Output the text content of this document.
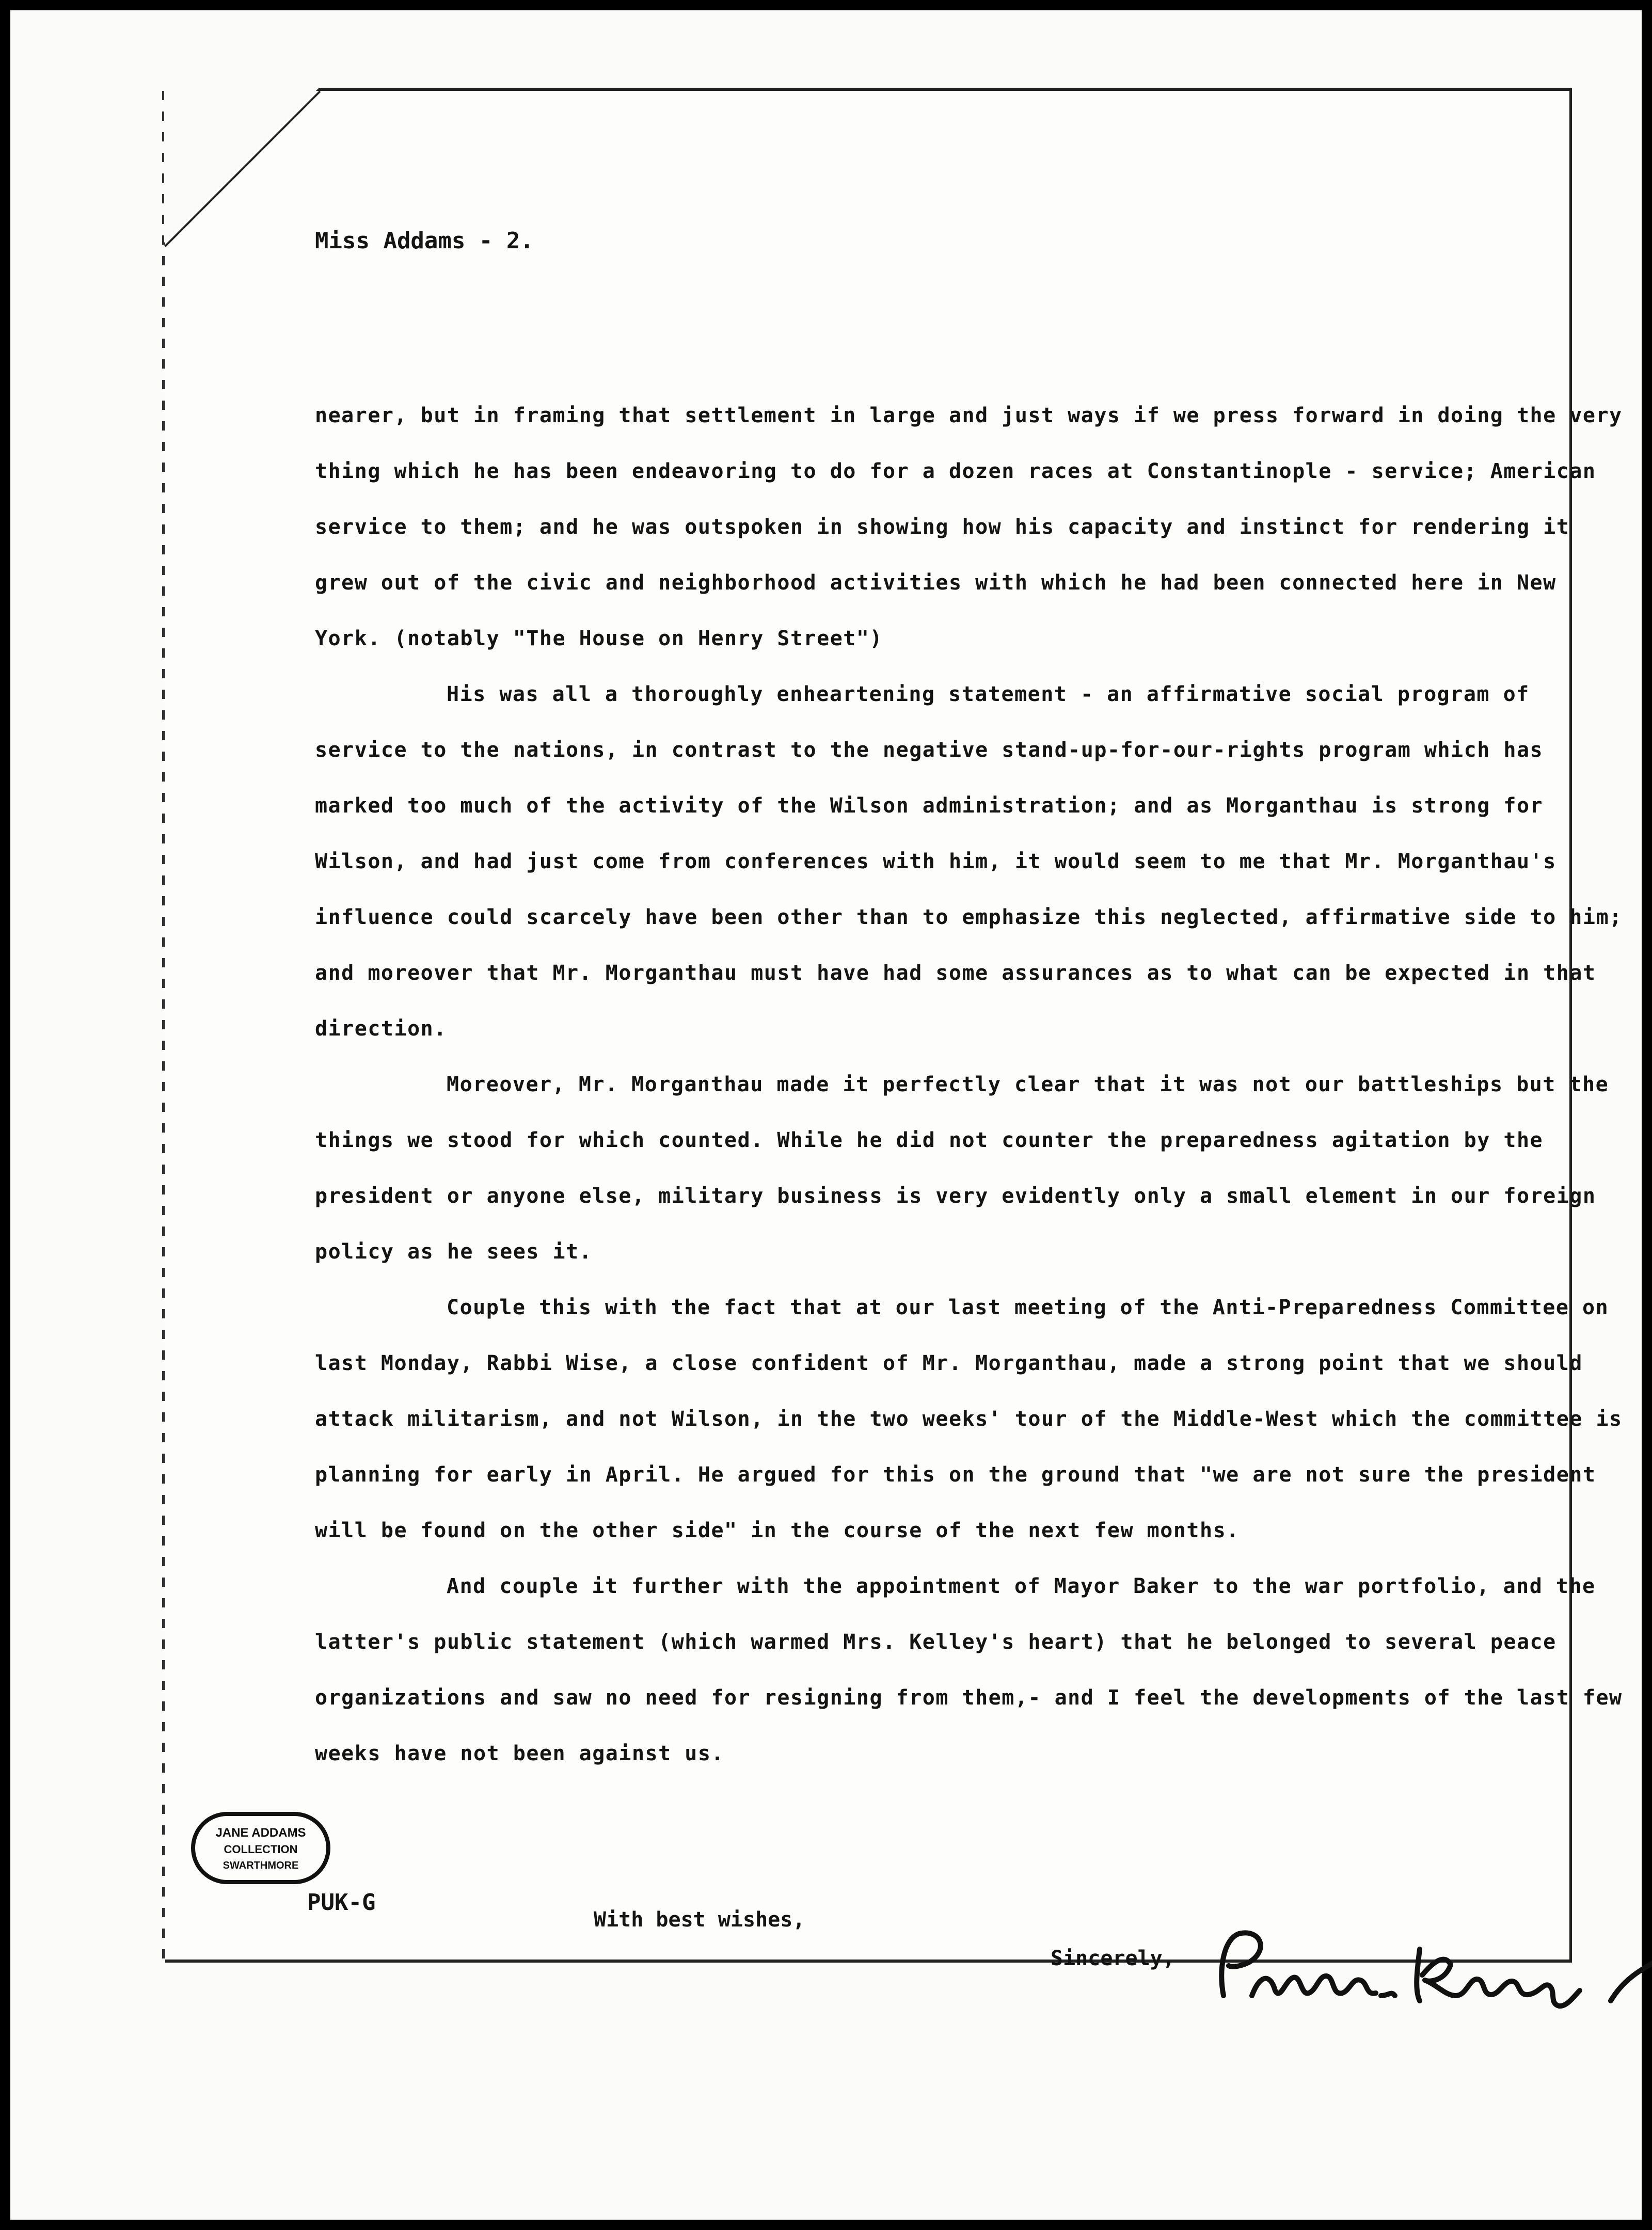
Miss Addams - 2.

nearer, but in framing that settlement in large and just ways if we press forward in doing the very thing which he has been endeavoring to do for a dozen races at Constantinople - service; American service to them; and he was outspoken in showing how his capacity and instinct for rendering it grew out of the civic and neighborhood activities with which he had been connected here in New York. (notably "The House on Henry Street")

His was all a thoroughly enheartening statement - an affirmative social program of service to the nations, in contrast to the negative stand-up-for-our-rights program which has marked too much of the activity of the Wilson administration; and as Morganthau is strong for Wilson, and had just come from conferences with him, it would seem to me that Mr. Morganthau's influence could scarcely have been other than to emphasize this neglected, affirmative side to him; and moreover that Mr. Morganthau must have had some assurances as to what can be expected in that direction.

Moreover, Mr. Morganthau made it perfectly clear that it was not our battleships but the things we stood for which counted. While he did not counter the preparedness agitation by the president or anyone else, military business is very evidently only a small element in our foreign policy as he sees it.

Couple this with the fact that at our last meeting of the Anti-Preparedness Committee on last Monday, Rabbi Wise, a close confident of Mr. Morganthau, made a strong point that we should attack militarism, and not Wilson, in the two weeks' tour of the Middle-West which the committee is planning for early in April. He argued for this on the ground that "we are not sure the president will be found on the other side" in the course of the next few months.

And couple it further with the appointment of Mayor Baker to the war portfolio, and the latter's public statement (which warmed Mrs. Kelley's heart) that he belonged to several peace organizations and saw no need for resigning from them,- and I feel the developments of the last few weeks have not been against us.

With best wishes,

Sincerely,

JANE ADDAMS
COLLECTION
SWARTHMORE

PUK-G
